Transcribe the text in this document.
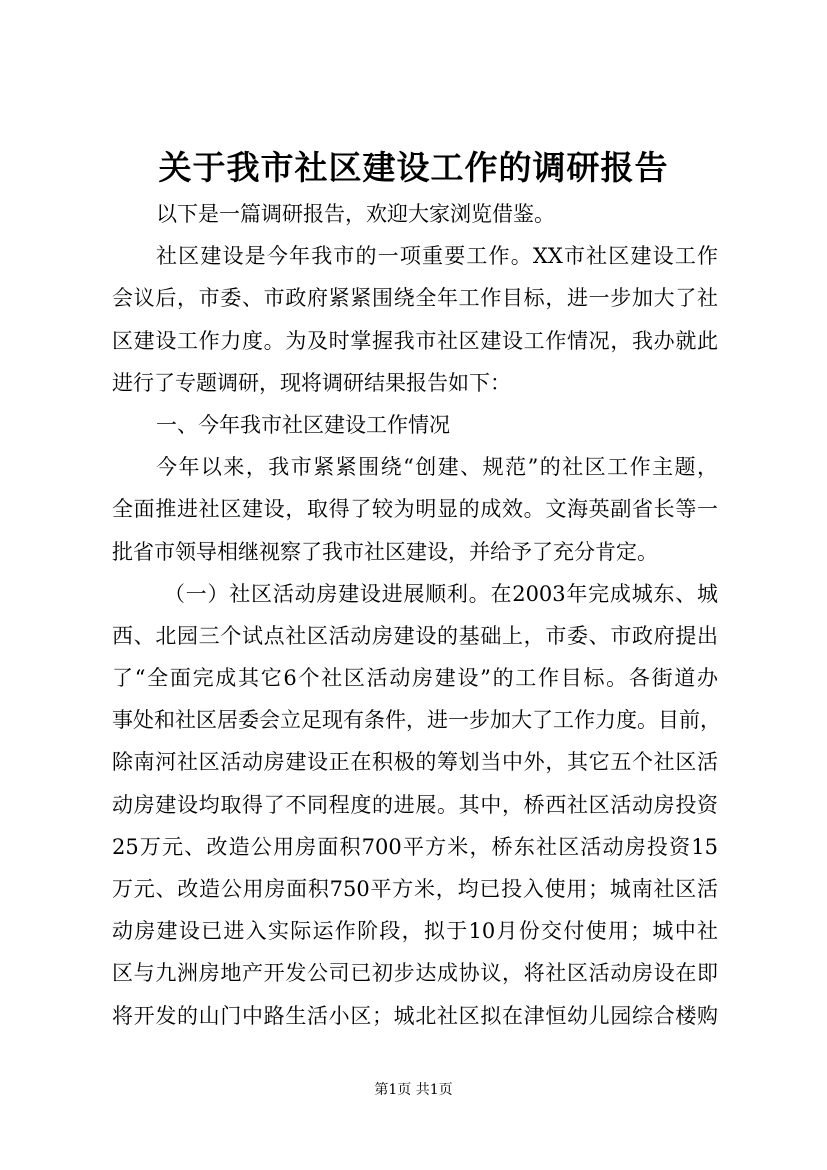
关于我市社区建设工作的调研报告
以下是一篇调研报告，欢迎大家浏览借鉴。
社区建设是今年我市的一项重要工作。XX市社区建设工作
会议后，市委、市政府紧紧围绕全年工作目标，进一步加大了社
区建设工作力度。为及时掌握我市社区建设工作情况，我办就此
进行了专题调研，现将调研结果报告如下：
一、今年我市社区建设工作情况
今年以来，我市紧紧围绕“创建、规范”的社区工作主题，
全面推进社区建设，取得了较为明显的成效。文海英副省长等一
批省市领导相继视察了我市社区建设，并给予了充分肯定。
（一）社区活动房建设进展顺利。在2003年完成城东、城
西、北园三个试点社区活动房建设的基础上，市委、市政府提出
了“全面完成其它6个社区活动房建设”的工作目标。各街道办
事处和社区居委会立足现有条件，进一步加大了工作力度。目前，
除南河社区活动房建设正在积极的筹划当中外，其它五个社区活
动房建设均取得了不同程度的进展。其中，桥西社区活动房投资
25万元、改造公用房面积700平方米，桥东社区活动房投资15
万元、改造公用房面积750平方米，均已投入使用；城南社区活
动房建设已进入实际运作阶段，拟于10月份交付使用；城中社
区与九洲房地产开发公司已初步达成协议，将社区活动房设在即
将开发的山门中路生活小区；城北社区拟在津恒幼儿园综合楼购
第1页 共1页
